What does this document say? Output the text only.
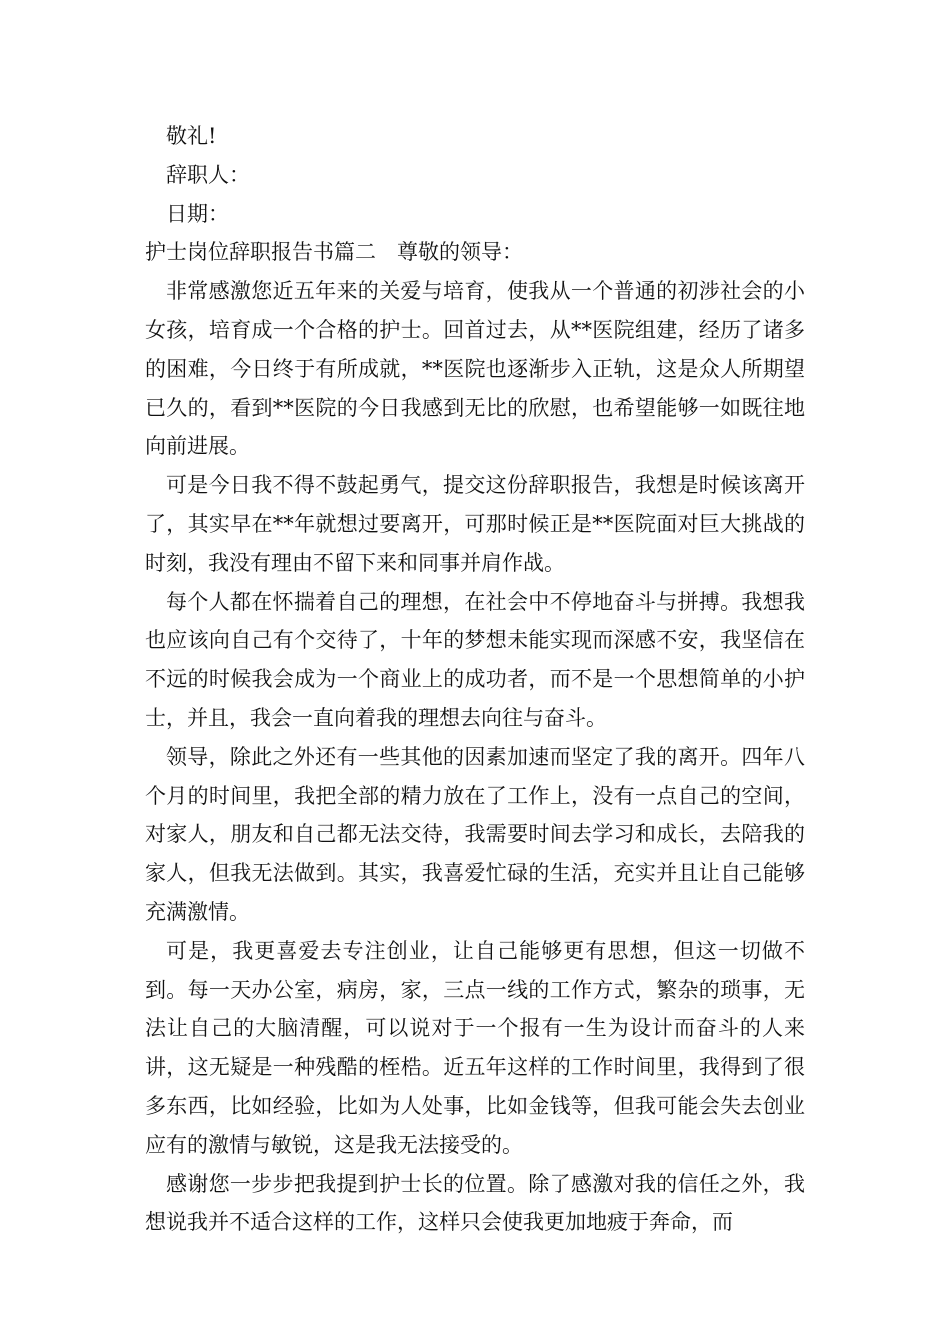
敬礼!

辞职人：

日期：

护士岗位辞职报告书篇二　尊敬的领导：

非常感激您近五年来的关爱与培育，使我从一个普通的初涉社会的小女孩，培育成一个合格的护士。回首过去，从**医院组建，经历了诸多的困难，今日终于有所成就，**医院也逐渐步入正轨，这是众人所期望已久的，看到**医院的今日我感到无比的欣慰，也希望能够一如既往地向前进展。

可是今日我不得不鼓起勇气，提交这份辞职报告，我想是时候该离开了，其实早在**年就想过要离开，可那时候正是**医院面对巨大挑战的时刻，我没有理由不留下来和同事并肩作战。

每个人都在怀揣着自己的理想，在社会中不停地奋斗与拼搏。我想我也应该向自己有个交待了，十年的梦想未能实现而深感不安，我坚信在不远的时候我会成为一个商业上的成功者，而不是一个思想简单的小护士，并且，我会一直向着我的理想去向往与奋斗。

领导，除此之外还有一些其他的因素加速而坚定了我的离开。四年八个月的时间里，我把全部的精力放在了工作上，没有一点自己的空间，对家人，朋友和自己都无法交待，我需要时间去学习和成长，去陪我的家人，但我无法做到。其实，我喜爱忙碌的生活，充实并且让自己能够充满激情。

可是，我更喜爱去专注创业，让自己能够更有思想，但这一切做不到。每一天办公室，病房，家，三点一线的工作方式，繁杂的琐事，无法让自己的大脑清醒，可以说对于一个报有一生为设计而奋斗的人来讲，这无疑是一种残酷的桎梏。近五年这样的工作时间里，我得到了很多东西，比如经验，比如为人处事，比如金钱等，但我可能会失去创业应有的激情与敏锐，这是我无法接受的。

感谢您一步步把我提到护士长的位置。除了感激对我的信任之外，我想说我并不适合这样的工作，这样只会使我更加地疲于奔命，而
